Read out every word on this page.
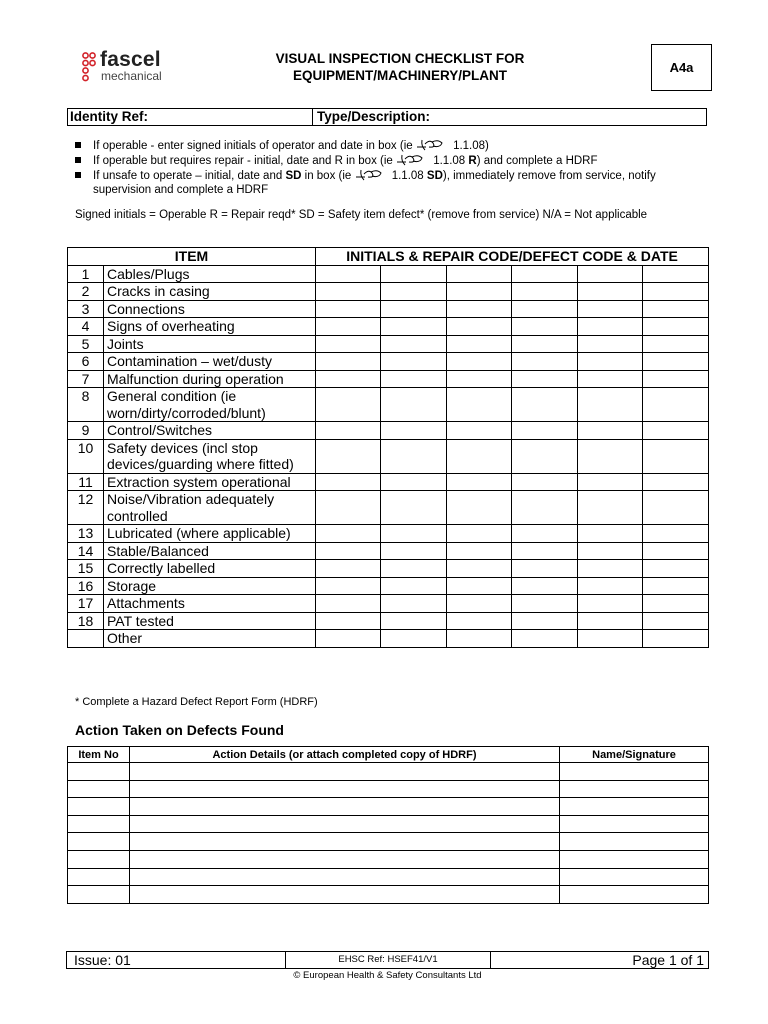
fascel
mechanical
VISUAL INSPECTION CHECKLIST FOR
EQUIPMENT/MACHINERY/PLANT
A4a
Identity Ref:	Type/Description:
If operable - enter signed initials of operator and date in box (ie	1.1.08)
If operable but requires repair - initial, date and R in box (ie	1.1.08 R) and complete a HDRF
If unsafe to operate – initial, date and SD in box (ie	1.1.08 SD), immediately remove from service, notify supervision and complete a HDRF
Signed initials = Operable R = Repair reqd* SD = Safety item defect* (remove from service) N/A = Not applicable
ITEM		INITIALS & REPAIR CODE/DEFECT CODE & DATE					
1	Cables/Plugs						
2	Cracks in casing						
3	Connections						
4	Signs of overheating						
5	Joints						
6	Contamination – wet/dusty						
7	Malfunction during operation						
8	General condition (ie worn/dirty/corroded/blunt)						
9	Control/Switches						
10	Safety devices (incl stop devices/guarding where fitted)						
11	Extraction system operational						
12	Noise/Vibration adequately controlled						
13	Lubricated (where applicable)						
14	Stable/Balanced						
15	Correctly labelled						
16	Storage						
17	Attachments						
18	PAT tested						
	Other						
* Complete a Hazard Defect Report Form (HDRF)
Action Taken on Defects Found
Item No	Action Details (or attach completed copy of HDRF)	Name/Signature

Issue: 01	EHSC Ref: HSEF41/V1	Page 1 of 1
© European Health & Safety Consultants Ltd
